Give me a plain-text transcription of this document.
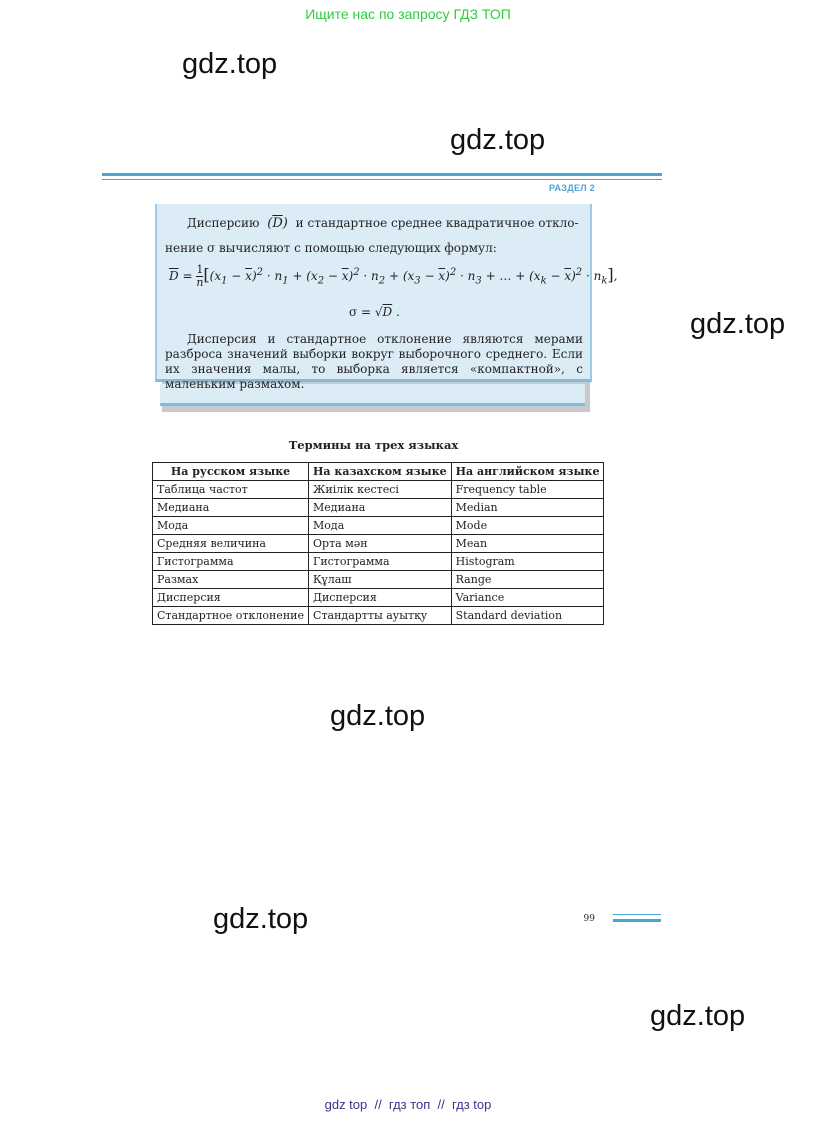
Ищите нас по запросу ГДЗ ТОП
gdz.top
gdz.top
gdz.top
gdz.top
gdz.top
gdz.top
РАЗДЕЛ 2

Дисперсию $(\overline{D})$ и стандартное среднее квадратичное откло-

нение σ вычисляют с помощью следующих формул:

$\overline{D} = \frac{1}{n} [(x_1 - \overline{x})^2 \cdot n_1 + (x_2 - \overline{x})^2 \cdot n_2 + (x_3 - \overline{x})^2 \cdot n_3$ + … + $(x_k - \overline{x})^2 \cdot n_k$],
σ = √D .

Дисперсия и стандартное отклонение являются мерами разброса значений выборки вокруг выборочного среднего. Если их значения малы, то выборка является «компактной», с маленьким размахом.

Термины на трех языках
На русском языке	На казахском языке	На английском языке
Таблица частот	Жиілік кестесі	Frequency table
Медиана	Медиана	Median
Мода	Мода	Mode
Средняя величина	Орта мән	Mean
Гистограмма	Гистограмма	Histogram
Размах	Құлаш	Range
Дисперсия	Дисперсия	Variance
Стандартное отклонение	Стандартты ауытқу	Standard deviation
99
gdz top  //  гдз топ  //  гдз top
